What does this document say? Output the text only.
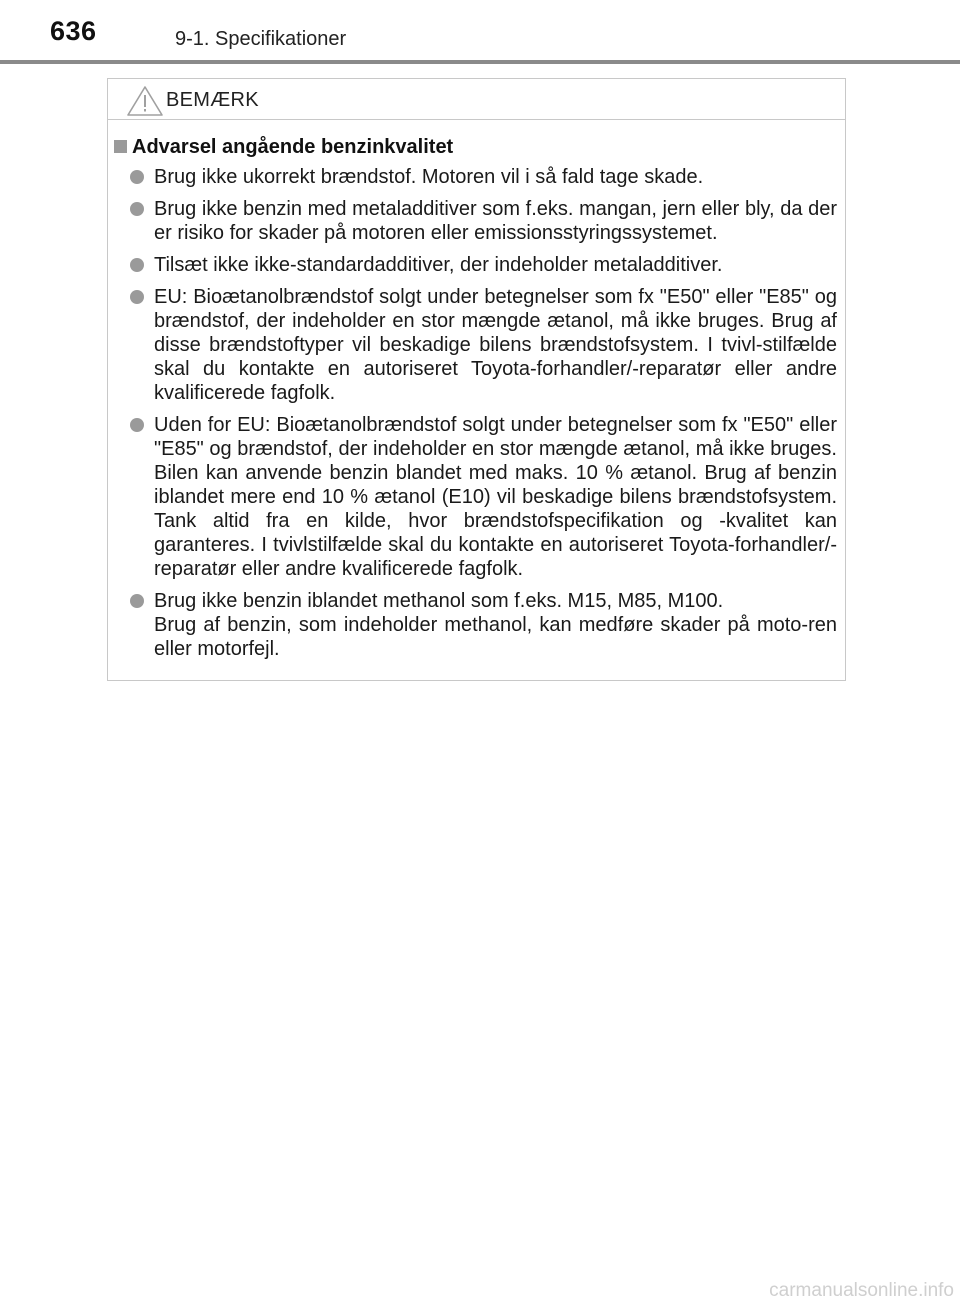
636	9-1. Specifikationer
BEMÆRK
Advarsel angående benzinkvalitet
Brug ikke ukorrekt brændstof. Motoren vil i så fald tage skade.
Brug ikke benzin med metaladditiver som f.eks. mangan, jern eller bly, da der er risiko for skader på motoren eller emissionsstyringssystemet.
Tilsæt ikke ikke-standardadditiver, der indeholder metaladditiver.
EU: Bioætanolbrændstof solgt under betegnelser som fx "E50" eller "E85" og brændstof, der indeholder en stor mængde ætanol, må ikke bruges. Brug af disse brændstoftyper vil beskadige bilens brændstofsystem. I tvivl-stilfælde skal du kontakte en autoriseret Toyota-forhandler/-reparatør eller andre kvalificerede fagfolk.
Uden for EU: Bioætanolbrændstof solgt under betegnelser som fx "E50" eller "E85" og brændstof, der indeholder en stor mængde ætanol, må ikke bruges. Bilen kan anvende benzin blandet med maks. 10 % ætanol. Brug af benzin iblandet mere end 10 % ætanol (E10) vil beskadige bilens brændstofsystem. Tank altid fra en kilde, hvor brændstofspecifikation og -kvalitet kan garanteres. I tvivlstilfælde skal du kontakte en autoriseret Toyota-forhandler/-reparatør eller andre kvalificerede fagfolk.
Brug ikke benzin iblandet methanol som f.eks. M15, M85, M100.
Brug af benzin, som indeholder methanol, kan medføre skader på moto-ren eller motorfejl.
carmanualsonline.info
